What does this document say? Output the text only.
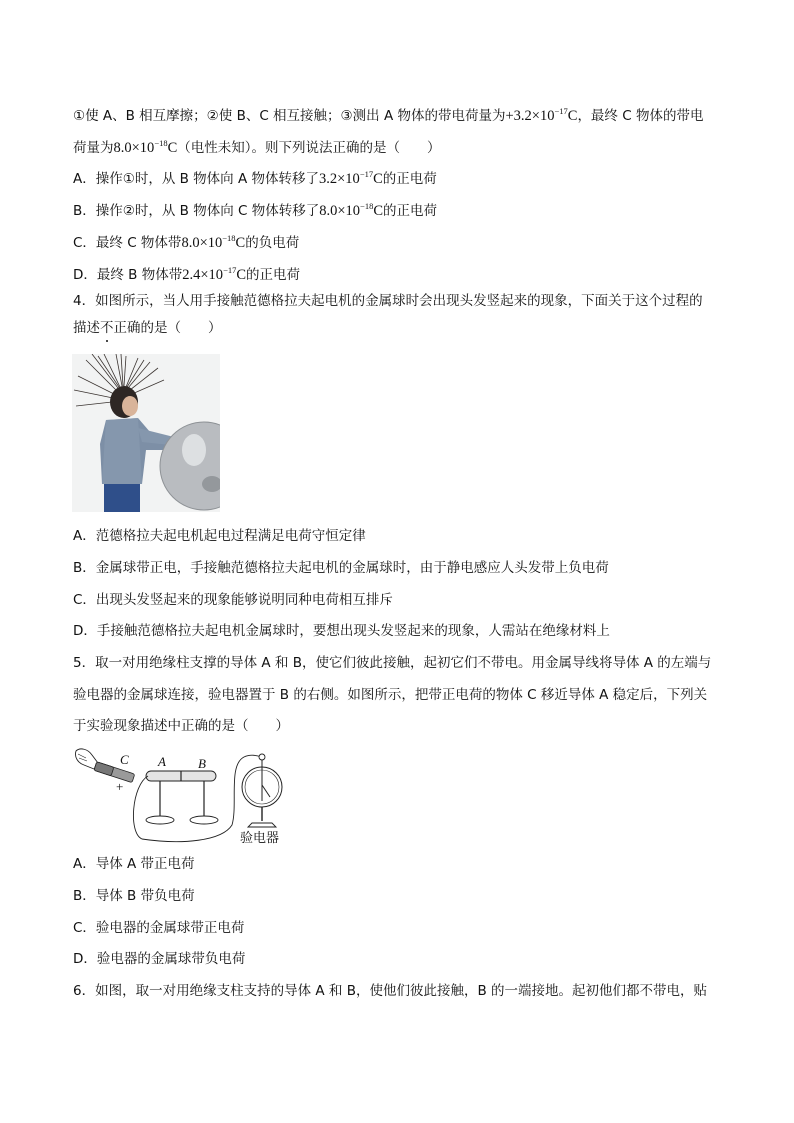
①使 A、B 相互摩擦；②使 B、C 相互接触；③测出 A 物体的带电荷量为$+3.2\times 10^{-17}C$，最终 C 物体的带电
荷量为$8.0\times 10^{-18}C$（电性未知）。则下列说法正确的是（　　）
A．操作①时，从 B 物体向 A 物体转移了$3.2\times 10^{-17}C$的正电荷
B．操作②时，从 B 物体向 C 物体转移了$8.0\times 10^{-18}C$的正电荷
C．最终 C 物体带$8.0\times 10^{-18}C$的负电荷
D．最终 B 物体带$2.4\times 10^{-17}C$的正电荷
4．如图所示，当人用手接触范德格拉夫起电机的金属球时会出现头发竖起来的现象，下面关于这个过程的
描述不正确的是（　　）
A．范德格拉夫起电机起电过程满足电荷守恒定律
B．金属球带正电，手接触范德格拉夫起电机的金属球时，由于静电感应人头发带上负电荷
C．出现头发竖起来的现象能够说明同种电荷相互排斥
D．手接触范德格拉夫起电机金属球时，要想出现头发竖起来的现象，人需站在绝缘材料上
5．取一对用绝缘柱支撑的导体 A 和 B，使它们彼此接触，起初它们不带电。用金属导线将导体 A 的左端与
验电器的金属球连接，验电器置于 B 的右侧。如图所示，把带正电荷的物体 C 移近导体 A 稳定后，下列关
于实验现象描述中正确的是（　　）
C
+
A B
验电器
A．导体 A 带正电荷
B．导体 B 带负电荷
C．验电器的金属球带正电荷
D．验电器的金属球带负电荷
6．如图，取一对用绝缘支柱支持的导体 A 和 B，使他们彼此接触，B 的一端接地。起初他们都不带电，贴
